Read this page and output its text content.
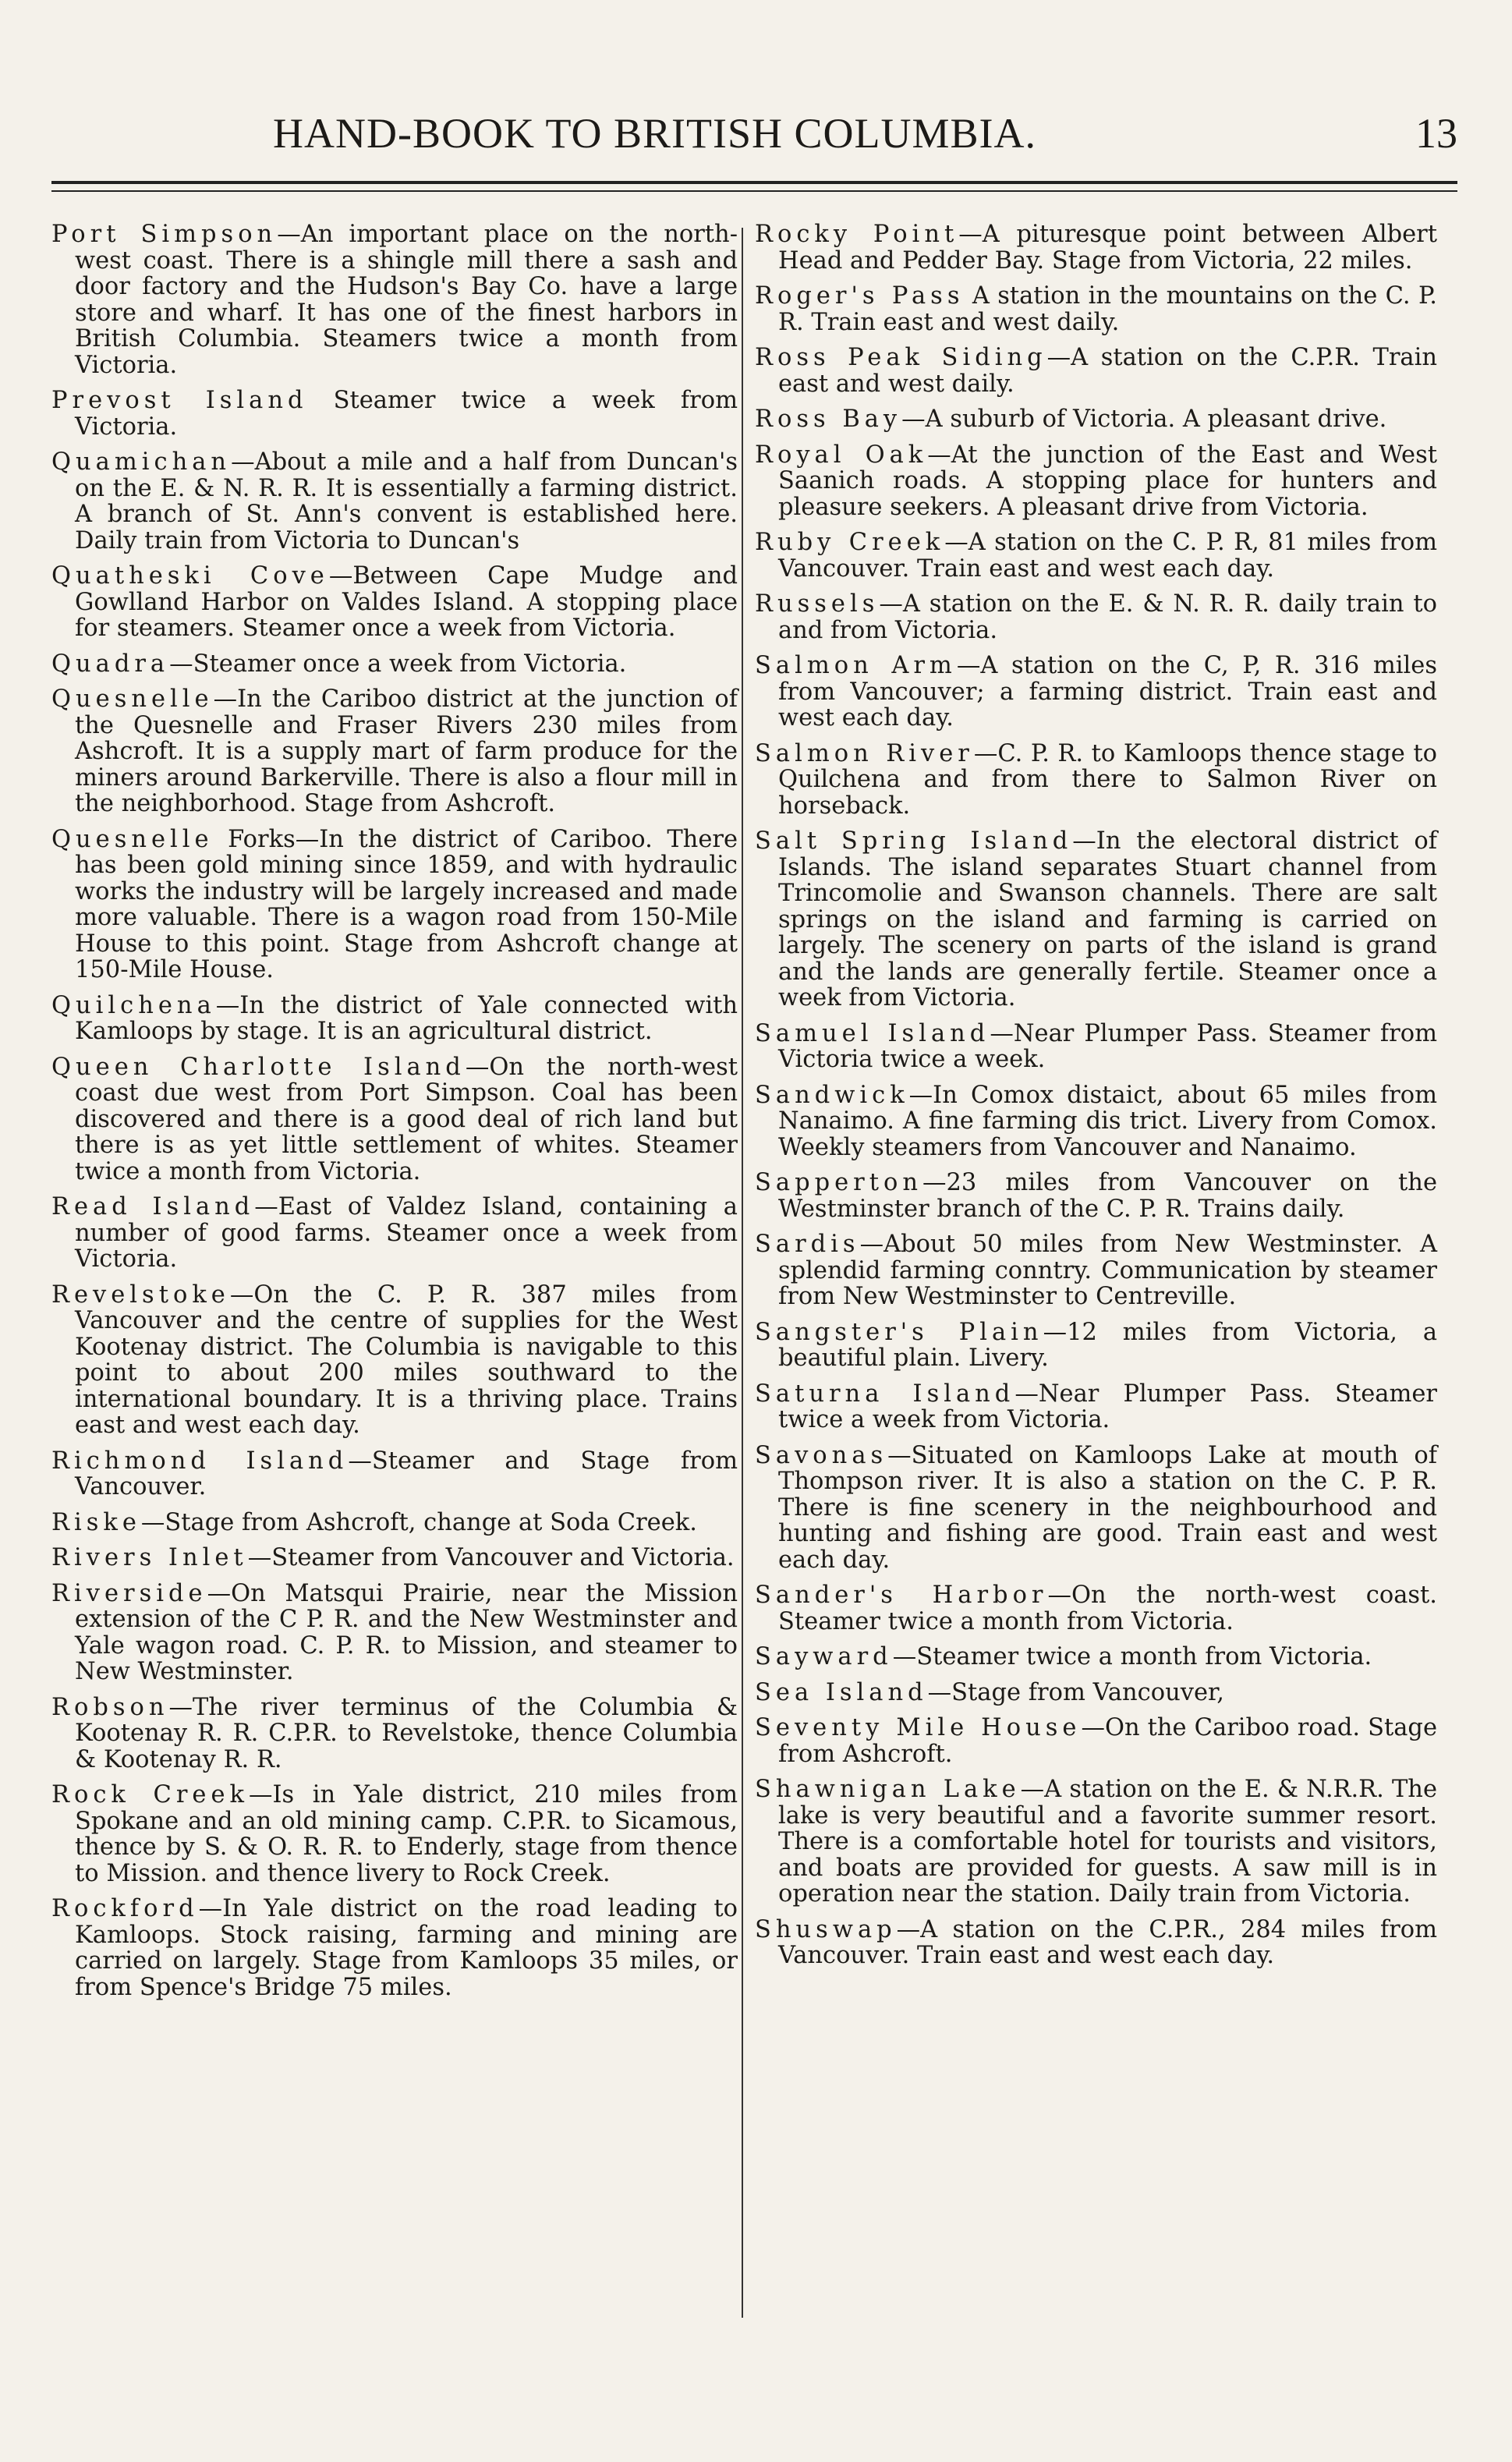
HAND-BOOK TO BRITISH COLUMBIA.	13

Port Simpson—An important place on the north-west coast. There is a shingle mill there a sash and door factory and the Hudson's Bay Co. have a large store and wharf. It has one of the finest harbors in British Columbia. Steamers twice a month from Victoria.

Prevost Island Steamer twice a week from Victoria.

Quamichan—About a mile and a half from Duncan's on the E. & N. R. R. It is essentially a farming district. A branch of St. Ann's convent is established here. Daily train from Victoria to Duncan's

Quatheski Cove—Between Cape Mudge and Gowlland Harbor on Valdes Island. A stopping place for steamers. Steamer once a week from Victoria.

Quadra—Steamer once a week from Victoria.

Quesnelle—In the Cariboo district at the junction of the Quesnelle and Fraser Rivers 230 miles from Ashcroft. It is a supply mart of farm produce for the miners around Barkerville. There is also a flour mill in the neighborhood. Stage from Ashcroft.

Quesnelle Forks—In the district of Cariboo. There has been gold mining since 1859, and with hydraulic works the industry will be largely increased and made more valuable. There is a wagon road from 150-Mile House to this point. Stage from Ashcroft change at 150-Mile House.

Quilchena—In the district of Yale connected with Kamloops by stage. It is an agricultural district.

Queen Charlotte Island—On the north-west coast due west from Port Simpson. Coal has been discovered and there is a good deal of rich land but there is as yet little settlement of whites. Steamer twice a month from Victoria.

Read Island—East of Valdez Island, containing a number of good farms. Steamer once a week from Victoria.

Revelstoke—On the C. P. R. 387 miles from Vancouver and the centre of supplies for the West Kootenay district. The Columbia is navigable to this point to about 200 miles southward to the international boundary. It is a thriving place. Trains east and west each day.

Richmond Island—Steamer and Stage from Vancouver.

Riske—Stage from Ashcroft, change at Soda Creek.

Rivers Inlet—Steamer from Vancouver and Victoria.

Riverside—On Matsqui Prairie, near the Mission extension of the C P. R. and the New Westminster and Yale wagon road. C. P. R. to Mission, and steamer to New Westminster.

Robson—The river terminus of the Columbia & Kootenay R. R. C.P.R. to Revelstoke, thence Columbia & Kootenay R. R.

Rock Creek—Is in Yale district, 210 miles from Spokane and an old mining camp. C.P.R. to Sicamous, thence by S. & O. R. R. to Enderly, stage from thence to Mission. and thence livery to Rock Creek.

Rockford—In Yale district on the road leading to Kamloops. Stock raising, farming and mining are carried on largely. Stage from Kamloops 35 miles, or from Spence's Bridge 75 miles.

Rocky Point—A pituresque point between Albert Head and Pedder Bay. Stage from Victoria, 22 miles.

Roger's Pass A station in the mountains on the C. P. R. Train east and west daily.

Ross Peak Siding—A station on the C.P.R. Train east and west daily.

Ross Bay—A suburb of Victoria. A pleasant drive.

Royal Oak—At the junction of the East and West Saanich roads. A stopping place for hunters and pleasure seekers. A pleasant drive from Victoria.

Ruby Creek—A station on the C. P. R, 81 miles from Vancouver. Train east and west each day.

Russels—A station on the E. & N. R. R. daily train to and from Victoria.

Salmon Arm—A station on the C, P, R. 316 miles from Vancouver; a farming district. Train east and west each day.

Salmon River—C. P. R. to Kamloops thence stage to Quilchena and from there to Salmon River on horseback.

Salt Spring Island—In the electoral district of Islands. The island separates Stuart channel from Trincomolie and Swanson channels. There are salt springs on the island and farming is carried on largely. The scenery on parts of the island is grand and the lands are generally fertile. Steamer once a week from Victoria.

Samuel Island—Near Plumper Pass. Steamer from Victoria twice a week.

Sandwick—In Comox distaict, about 65 miles from Nanaimo. A fine farming dis trict. Livery from Comox. Weekly steamers from Vancouver and Nanaimo.

Sapperton—23 miles from Vancouver on the Westminster branch of the C. P. R. Trains daily.

Sardis—About 50 miles from New Westminster. A splendid farming conntry. Communication by steamer from New Westminster to Centreville.

Sangster's Plain—12 miles from Victoria, a beautiful plain. Livery.

Saturna Island—Near Plumper Pass. Steamer twice a week from Victoria.

Savonas—Situated on Kamloops Lake at mouth of Thompson river. It is also a station on the C. P. R. There is fine scenery in the neighbourhood and hunting and fishing are good. Train east and west each day.

Sander's Harbor—On the north-west coast. Steamer twice a month from Victoria.

Sayward—Steamer twice a month from Victoria.

Sea Island—Stage from Vancouver,

Seventy Mile House—On the Cariboo road. Stage from Ashcroft.

Shawnigan Lake—A station on the E. & N.R.R. The lake is very beautiful and a favorite summer resort. There is a comfortable hotel for tourists and visitors, and boats are provided for guests. A saw mill is in operation near the station. Daily train from Victoria.

Shuswap—A station on the C.P.R., 284 miles from Vancouver. Train east and west each day.
